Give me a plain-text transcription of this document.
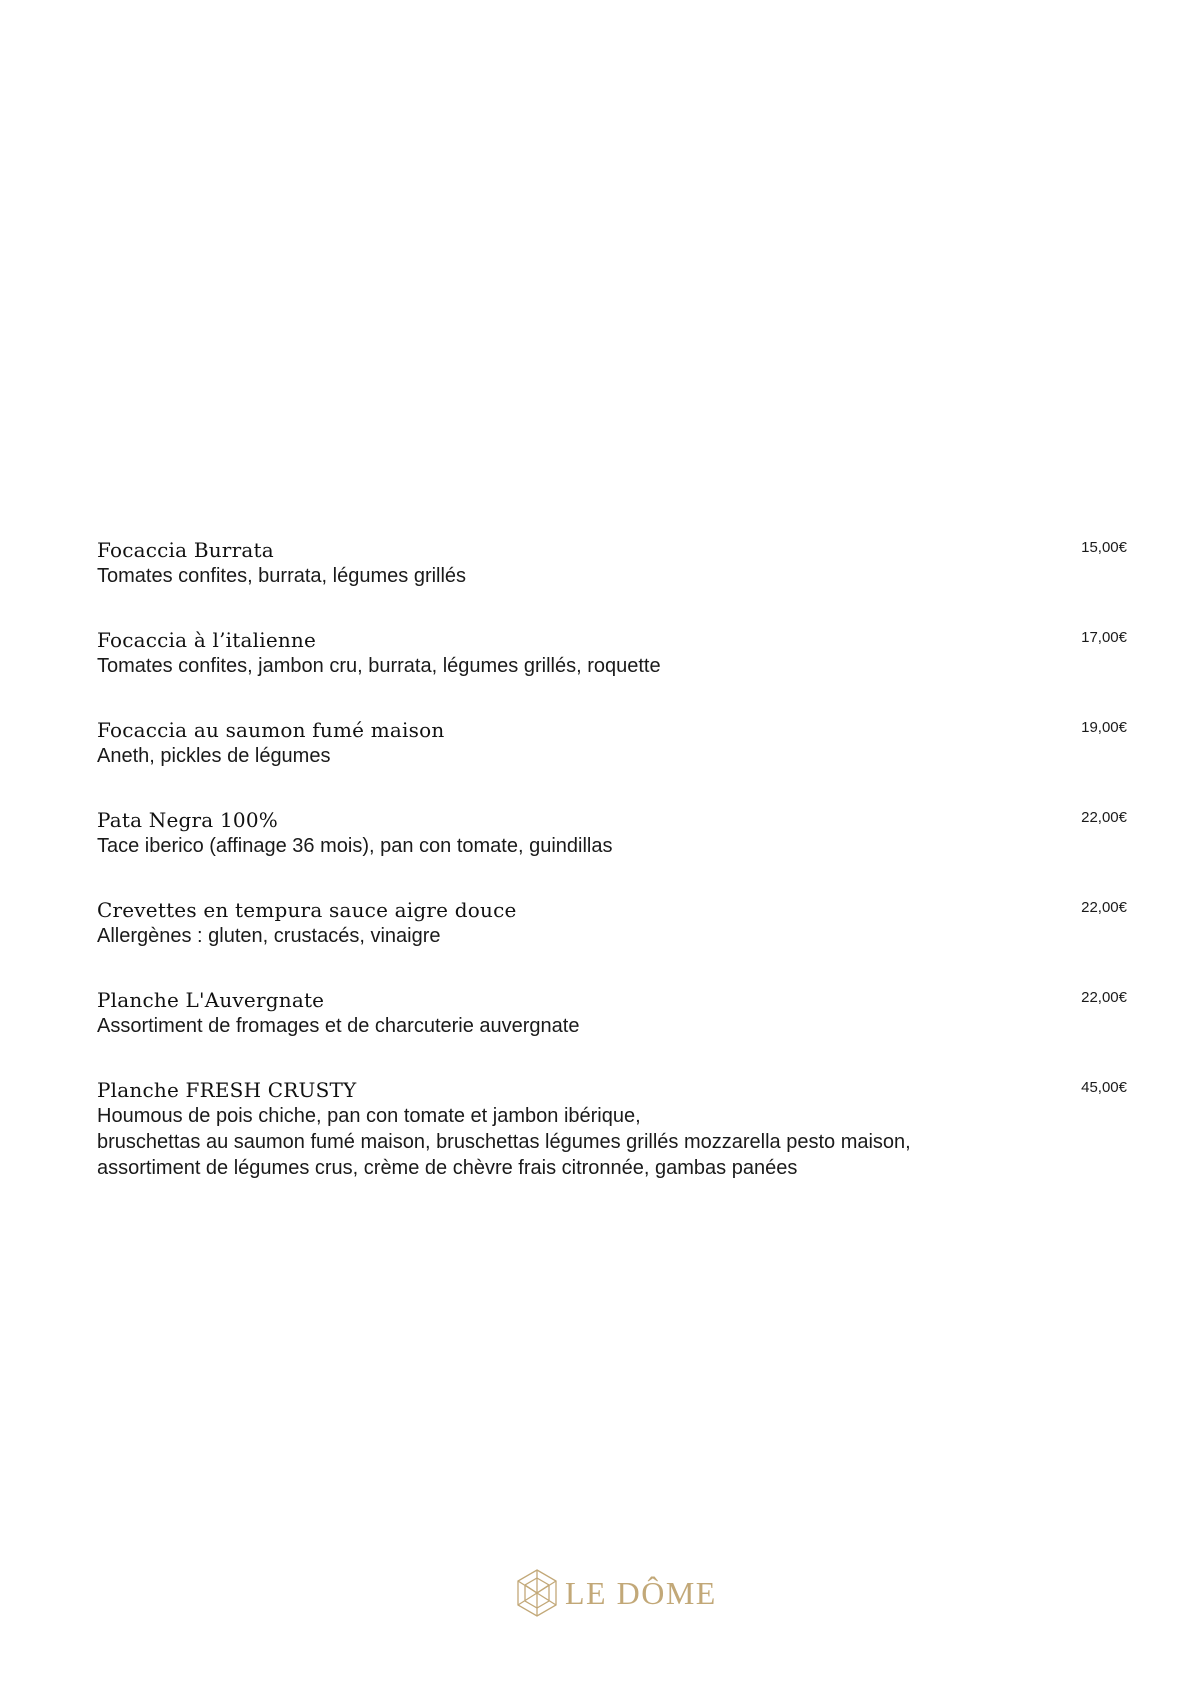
Focaccia Burrata
Tomates confites, burrata, légumes grillés
15,00€
Focaccia à l’italienne
Tomates confites, jambon cru, burrata, légumes grillés, roquette
17,00€
Focaccia au saumon fumé maison
Aneth, pickles de légumes
19,00€
Pata Negra 100%
Tace iberico (affinage 36 mois), pan con tomate, guindillas
22,00€
Crevettes en tempura sauce aigre douce
Allergènes : gluten, crustacés, vinaigre
22,00€
Planche L'Auvergnate
Assortiment de fromages et de charcuterie auvergnate
22,00€
Planche FRESH CRUSTY
Houmous de pois chiche, pan con tomate et jambon ibérique,
bruschettas au saumon fumé maison, bruschettas légumes grillés mozzarella pesto maison,
assortiment de légumes crus, crème de chèvre frais citronnée, gambas panées
45,00€
LE DÔME
